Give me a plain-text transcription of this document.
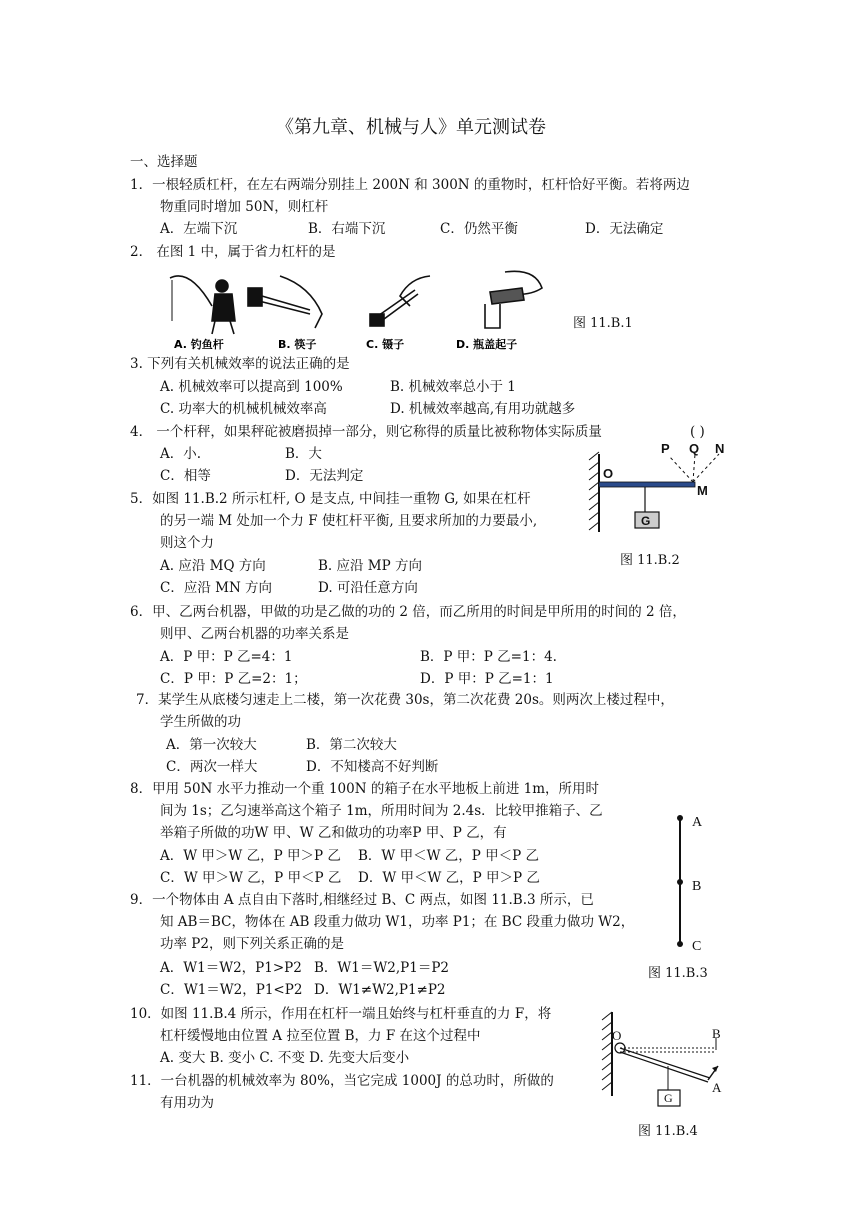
《第九章、机械与人》单元测试卷
一、选择题
1．一根轻质杠杆，在左右两端分别挂上 200N 和 300N 的重物时，杠杆恰好平衡。若将两边
物重同时增加 50N，则杠杆
A．左端下沉	B．右端下沉	C．仍然平衡	D．无法确定
2． 在图 1 中，属于省力杠杆的是
A. 钓鱼杆	B. 筷子	C. 镊子	D. 瓶盖起子
图 11.B.1
3. 下列有关机械效率的说法正确的是
A. 机械效率可以提高到 100%	B. 机械效率总小于 1
C. 功率大的机械机械效率高	D. 机械效率越高,有用功就越多
4． 一个杆秤，如果秤砣被磨损掉一部分，则它称得的质量比被称物体实际质量	( )
A．小.	B．大
C．相等	D．无法判定	O
M
P Q N
G
5．如图 11.B.2 所示杠杆, O 是支点, 中间挂一重物 G, 如果在杠杆
的另一端 M 处加一个力 F 使杠杆平衡, 且要求所加的力要最小,
则这个力
图 11.B.2
A. 应沿 MQ 方向	B. 应沿 MP 方向
C．应沿 MN 方向	D. 可沿任意方向
6．甲、乙两台机器，甲做的功是乙做的功的 2 倍，而乙所用的时间是甲所用的时间的 2 倍，
则甲、乙两台机器的功率关系是
A．P 甲：P 乙=4：1	B．P 甲：P 乙=1：4.
C．P 甲：P 乙=2：1；	D．P 甲：P 乙=1：1
7．某学生从底楼匀速走上二楼，第一次花费 30s，第二次花费 20s。则两次上楼过程中，
学生所做的功
A．第一次较大	B．第二次较大
C．两次一样大	D．不知楼高不好判断
8．甲用 50N 水平力推动一个重 100N 的箱子在水平地板上前进 1m，所用时
间为 1s；乙匀速举高这个箱子 1m，所用时间为 2.4s．比较甲推箱子、乙
举箱子所做的功W 甲、W 乙和做功的功率P 甲、P 乙，有
A．W 甲＞W 乙，P 甲＞P 乙 B．W 甲＜W 乙，P 甲＜P 乙
C．W 甲＞W 乙，P 甲＜P 乙 D．W 甲＜W 乙，P 甲＞P 乙
A
B
C
9．一个物体由 A 点自由下落时,相继经过 B、C 两点，如图 11.B.3 所示，已
知 AB＝BC，物体在 AB 段重力做功 W1，功率 P1；在 BC 段重力做功 W2，
功率 P2，则下列关系正确的是
A．W1＝W2，P1>P2 B．W1＝W2,P1＝P2	图 11.B.3
C．W1＝W2，P1<P2 D．W1≠W2,P1≠P2
10．如图 11.B.4 所示，作用在杠杆一端且始终与杠杆垂直的力 F，将
杠杆缓慢地由位置 A 拉至位置 B，力 F 在这个过程中
A. 变大 B. 变小 C. 不变 D. 先变大后变小
O	B
A
G
11．一台机器的机械效率为 80%，当它完成 1000J 的总功时，所做的
有用功为
图 11.B.4
